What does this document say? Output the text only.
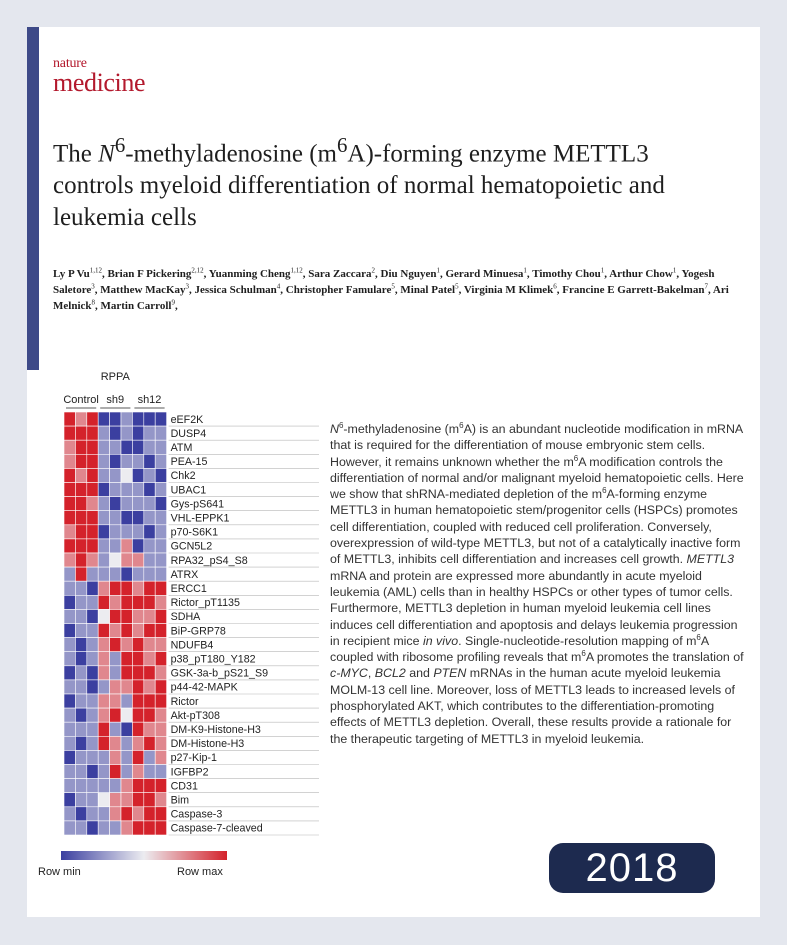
nature
medicine
The $N^6$-methyladenosine $(m^6A)$-forming enzyme METTL3 controls myeloid differentiation of normal hematopoietic and leukemia cells

Ly P Vu$^{1,12}$, Brian F Pickering$^{2,12}$, Yuanming Cheng$^{1,12}$, Sara Zaccara$^2$, Diu Nguyen$^1$, Gerard Minuesa$^1$, Timothy Chou$^1$, Arthur Chow$^1$, Yogesh Saletore$^3$, Matthew MacKay$^3$, Jessica Schulman$^4$, Christopher Famulare$^5$, Minal Patel$^5$, Virginia M Klimek$^6$, Francine E Garrett-Bakelman$^7$, Ari Melnick$^8$, Martin Carroll$^9$,

RPPA
Control sh9 sh12
eEF2K
DUSP4
ATM
PEA-15
Chk2
UBAC1
Gys-pS641
VHL-EPPK1
p70-S6K1
GCN5L2
RPA32_pS4_S8
ATRX
ERCC1
Rictor_pT1135
SDHA
BiP-GRP78
NDUFB4
p38_pT180_Y182
GSK-3a-b_pS21_S9
p44-42-MAPK
Rictor
Akt-pT308
DM-K9-Histone-H3
DM-Histone-H3
p27-Kip-1
IGFBP2
CD31
Bim
Caspase-3
Caspase-7-cleaved
Row min	Row max

$N^6$-methyladenosine $(m^6A)$ is an abundant nucleotide modification in mRNA that is required for the differentiation of mouse embryonic stem cells. However, it remains unknown whether the $m^6A$ modification controls the differentiation of normal and/or malignant myeloid hematopoietic cells. Here we show that shRNA-mediated depletion of the $m^6A$-forming enzyme METTL3 in human hematopoietic stem/progenitor cells (HSPCs) promotes cell differentiation, coupled with reduced cell proliferation. Conversely, overexpression of wild-type METTL3, but not of a catalytically inactive form of METTL3, inhibits cell differentiation and increases cell growth. METTL3 mRNA and protein are expressed more abundantly in acute myeloid leukemia (AML) cells than in healthy HSPCs or other types of tumor cells. Furthermore, METTL3 depletion in human myeloid leukemia cell lines induces cell differentiation and apoptosis and delays leukemia progression in recipient mice in vivo. Single-nucleotide-resolution mapping of $m^6A$ coupled with ribosome profiling reveals that $m^6A$ promotes the translation of c-MYC, BCL2 and PTEN mRNAs in the human acute myeloid leukemia MOLM-13 cell line. Moreover, loss of METTL3 leads to increased levels of phosphorylated AKT, which contributes to the differentiation-promoting effects of METTL3 depletion. Overall, these results provide a rationale for the therapeutic targeting of METTL3 in myeloid leukemia.

2018
